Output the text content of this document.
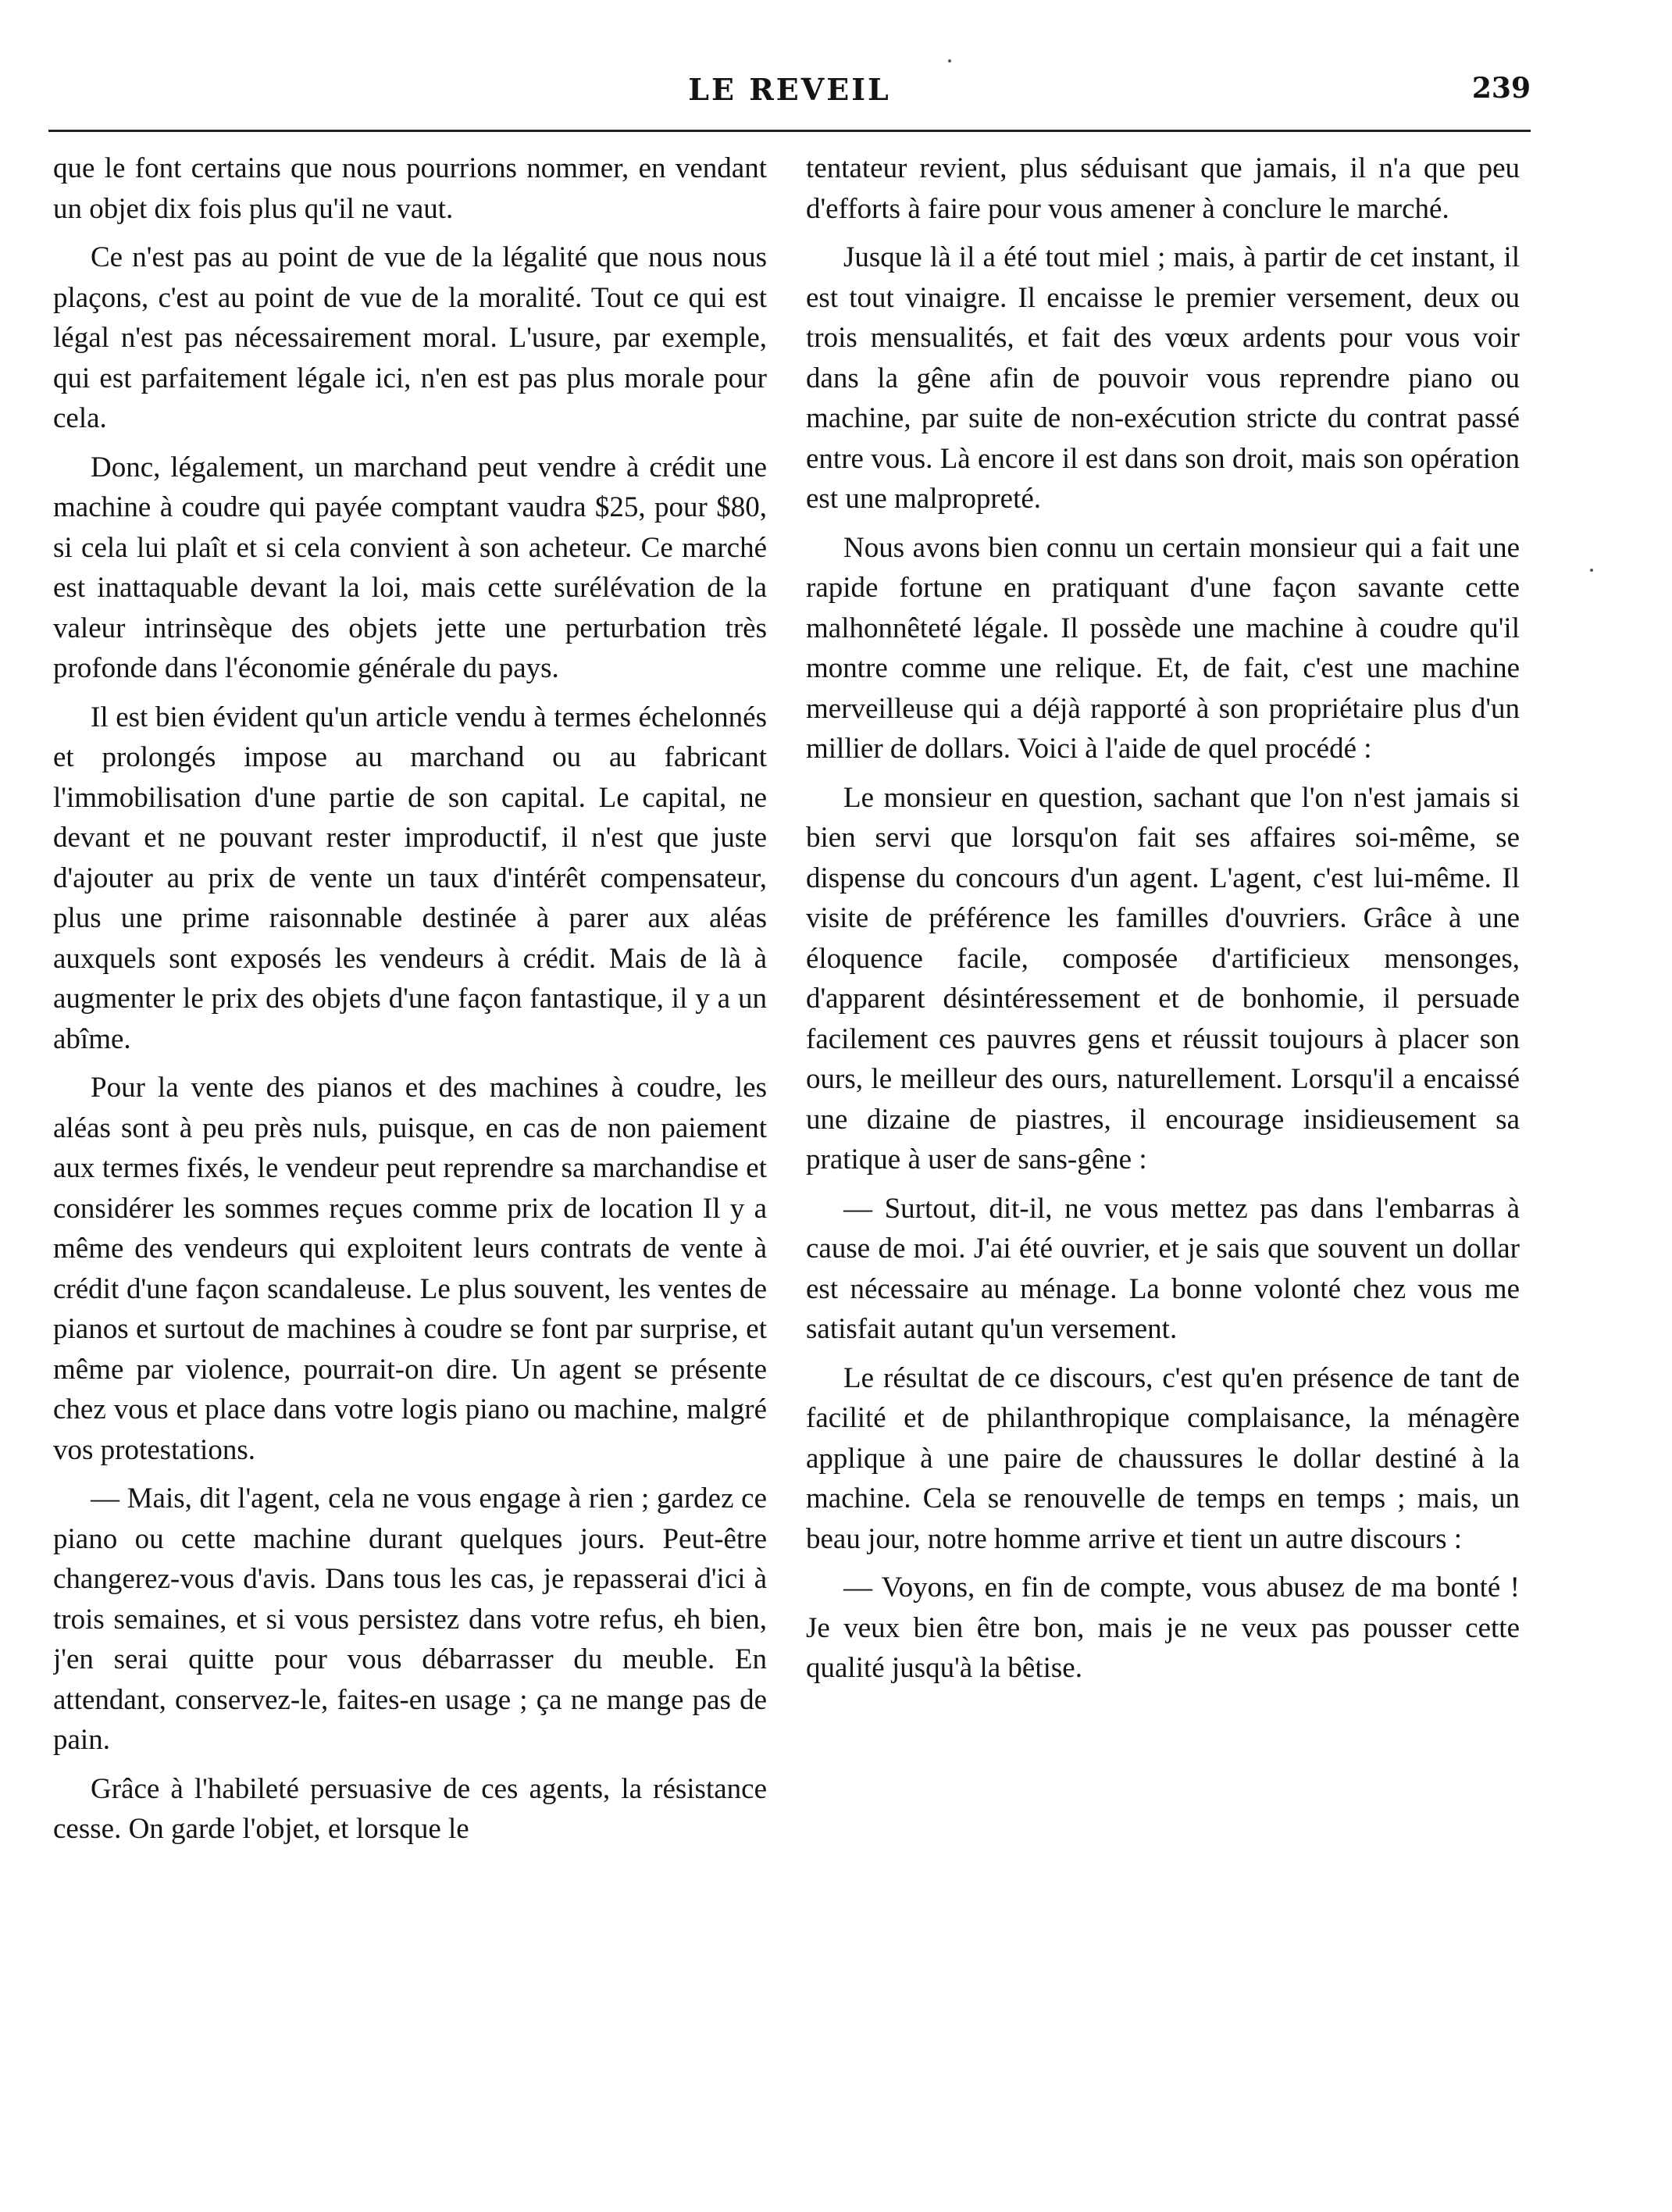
LE REVEIL	239

que le font certains que nous pourrions nommer, en vendant un objet dix fois plus qu'il ne vaut.

Ce n'est pas au point de vue de la légalité que nous nous plaçons, c'est au point de vue de la moralité. Tout ce qui est légal n'est pas nécessairement moral. L'usure, par exemple, qui est parfaitement légale ici, n'en est pas plus morale pour cela.

Donc, légalement, un marchand peut vendre à crédit une machine à coudre qui payée comptant vaudra $25, pour $80, si cela lui plaît et si cela convient à son acheteur. Ce marché est inattaquable devant la loi, mais cette surélévation de la valeur intrinsèque des objets jette une perturbation très profonde dans l'économie générale du pays.

Il est bien évident qu'un article vendu à termes échelonnés et prolongés impose au marchand ou au fabricant l'immobilisation d'une partie de son capital. Le capital, ne devant et ne pouvant rester improductif, il n'est que juste d'ajouter au prix de vente un taux d'intérêt compensateur, plus une prime raisonnable destinée à parer aux aléas auxquels sont exposés les vendeurs à crédit. Mais de là à augmenter le prix des objets d'une façon fantastique, il y a un abîme.

Pour la vente des pianos et des machines à coudre, les aléas sont à peu près nuls, puisque, en cas de non paiement aux termes fixés, le vendeur peut reprendre sa marchandise et considérer les sommes reçues comme prix de location Il y a même des vendeurs qui exploitent leurs contrats de vente à crédit d'une façon scandaleuse. Le plus souvent, les ventes de pianos et surtout de machines à coudre se font par surprise, et même par violence, pourrait-on dire. Un agent se présente chez vous et place dans votre logis piano ou machine, malgré vos protestations.

— Mais, dit l'agent, cela ne vous engage à rien ; gardez ce piano ou cette machine durant quelques jours. Peut-être changerez-vous d'avis. Dans tous les cas, je repasserai d'ici à trois semaines, et si vous persistez dans votre refus, eh bien, j'en serai quitte pour vous débarrasser du meuble. En attendant, conservez-le, faites-en usage ; ça ne mange pas de pain.

Grâce à l'habileté persuasive de ces agents, la résistance cesse. On garde l'objet, et lorsque le

tentateur revient, plus séduisant que jamais, il n'a que peu d'efforts à faire pour vous amener à conclure le marché.

Jusque là il a été tout miel ; mais, à partir de cet instant, il est tout vinaigre. Il encaisse le premier versement, deux ou trois mensualités, et fait des vœux ardents pour vous voir dans la gêne afin de pouvoir vous reprendre piano ou machine, par suite de non-exécution stricte du contrat passé entre vous. Là encore il est dans son droit, mais son opération est une malpropreté.

Nous avons bien connu un certain monsieur qui a fait une rapide fortune en pratiquant d'une façon savante cette malhonnêteté légale. Il possède une machine à coudre qu'il montre comme une relique. Et, de fait, c'est une machine merveilleuse qui a déjà rapporté à son propriétaire plus d'un millier de dollars. Voici à l'aide de quel procédé :

Le monsieur en question, sachant que l'on n'est jamais si bien servi que lorsqu'on fait ses affaires soi-même, se dispense du concours d'un agent. L'agent, c'est lui-même. Il visite de préférence les familles d'ouvriers. Grâce à une éloquence facile, composée d'artificieux mensonges, d'apparent désintéressement et de bonhomie, il persuade facilement ces pauvres gens et réussit toujours à placer son ours, le meilleur des ours, naturellement. Lorsqu'il a encaissé une dizaine de piastres, il encourage insidieusement sa pratique à user de sans-gêne :

— Surtout, dit-il, ne vous mettez pas dans l'embarras à cause de moi. J'ai été ouvrier, et je sais que souvent un dollar est nécessaire au ménage. La bonne volonté chez vous me satisfait autant qu'un versement.

Le résultat de ce discours, c'est qu'en présence de tant de facilité et de philanthropique complaisance, la ménagère applique à une paire de chaussures le dollar destiné à la machine. Cela se renouvelle de temps en temps ; mais, un beau jour, notre homme arrive et tient un autre discours :

— Voyons, en fin de compte, vous abusez de ma bonté ! Je veux bien être bon, mais je ne veux pas pousser cette qualité jusqu'à la bêtise.
